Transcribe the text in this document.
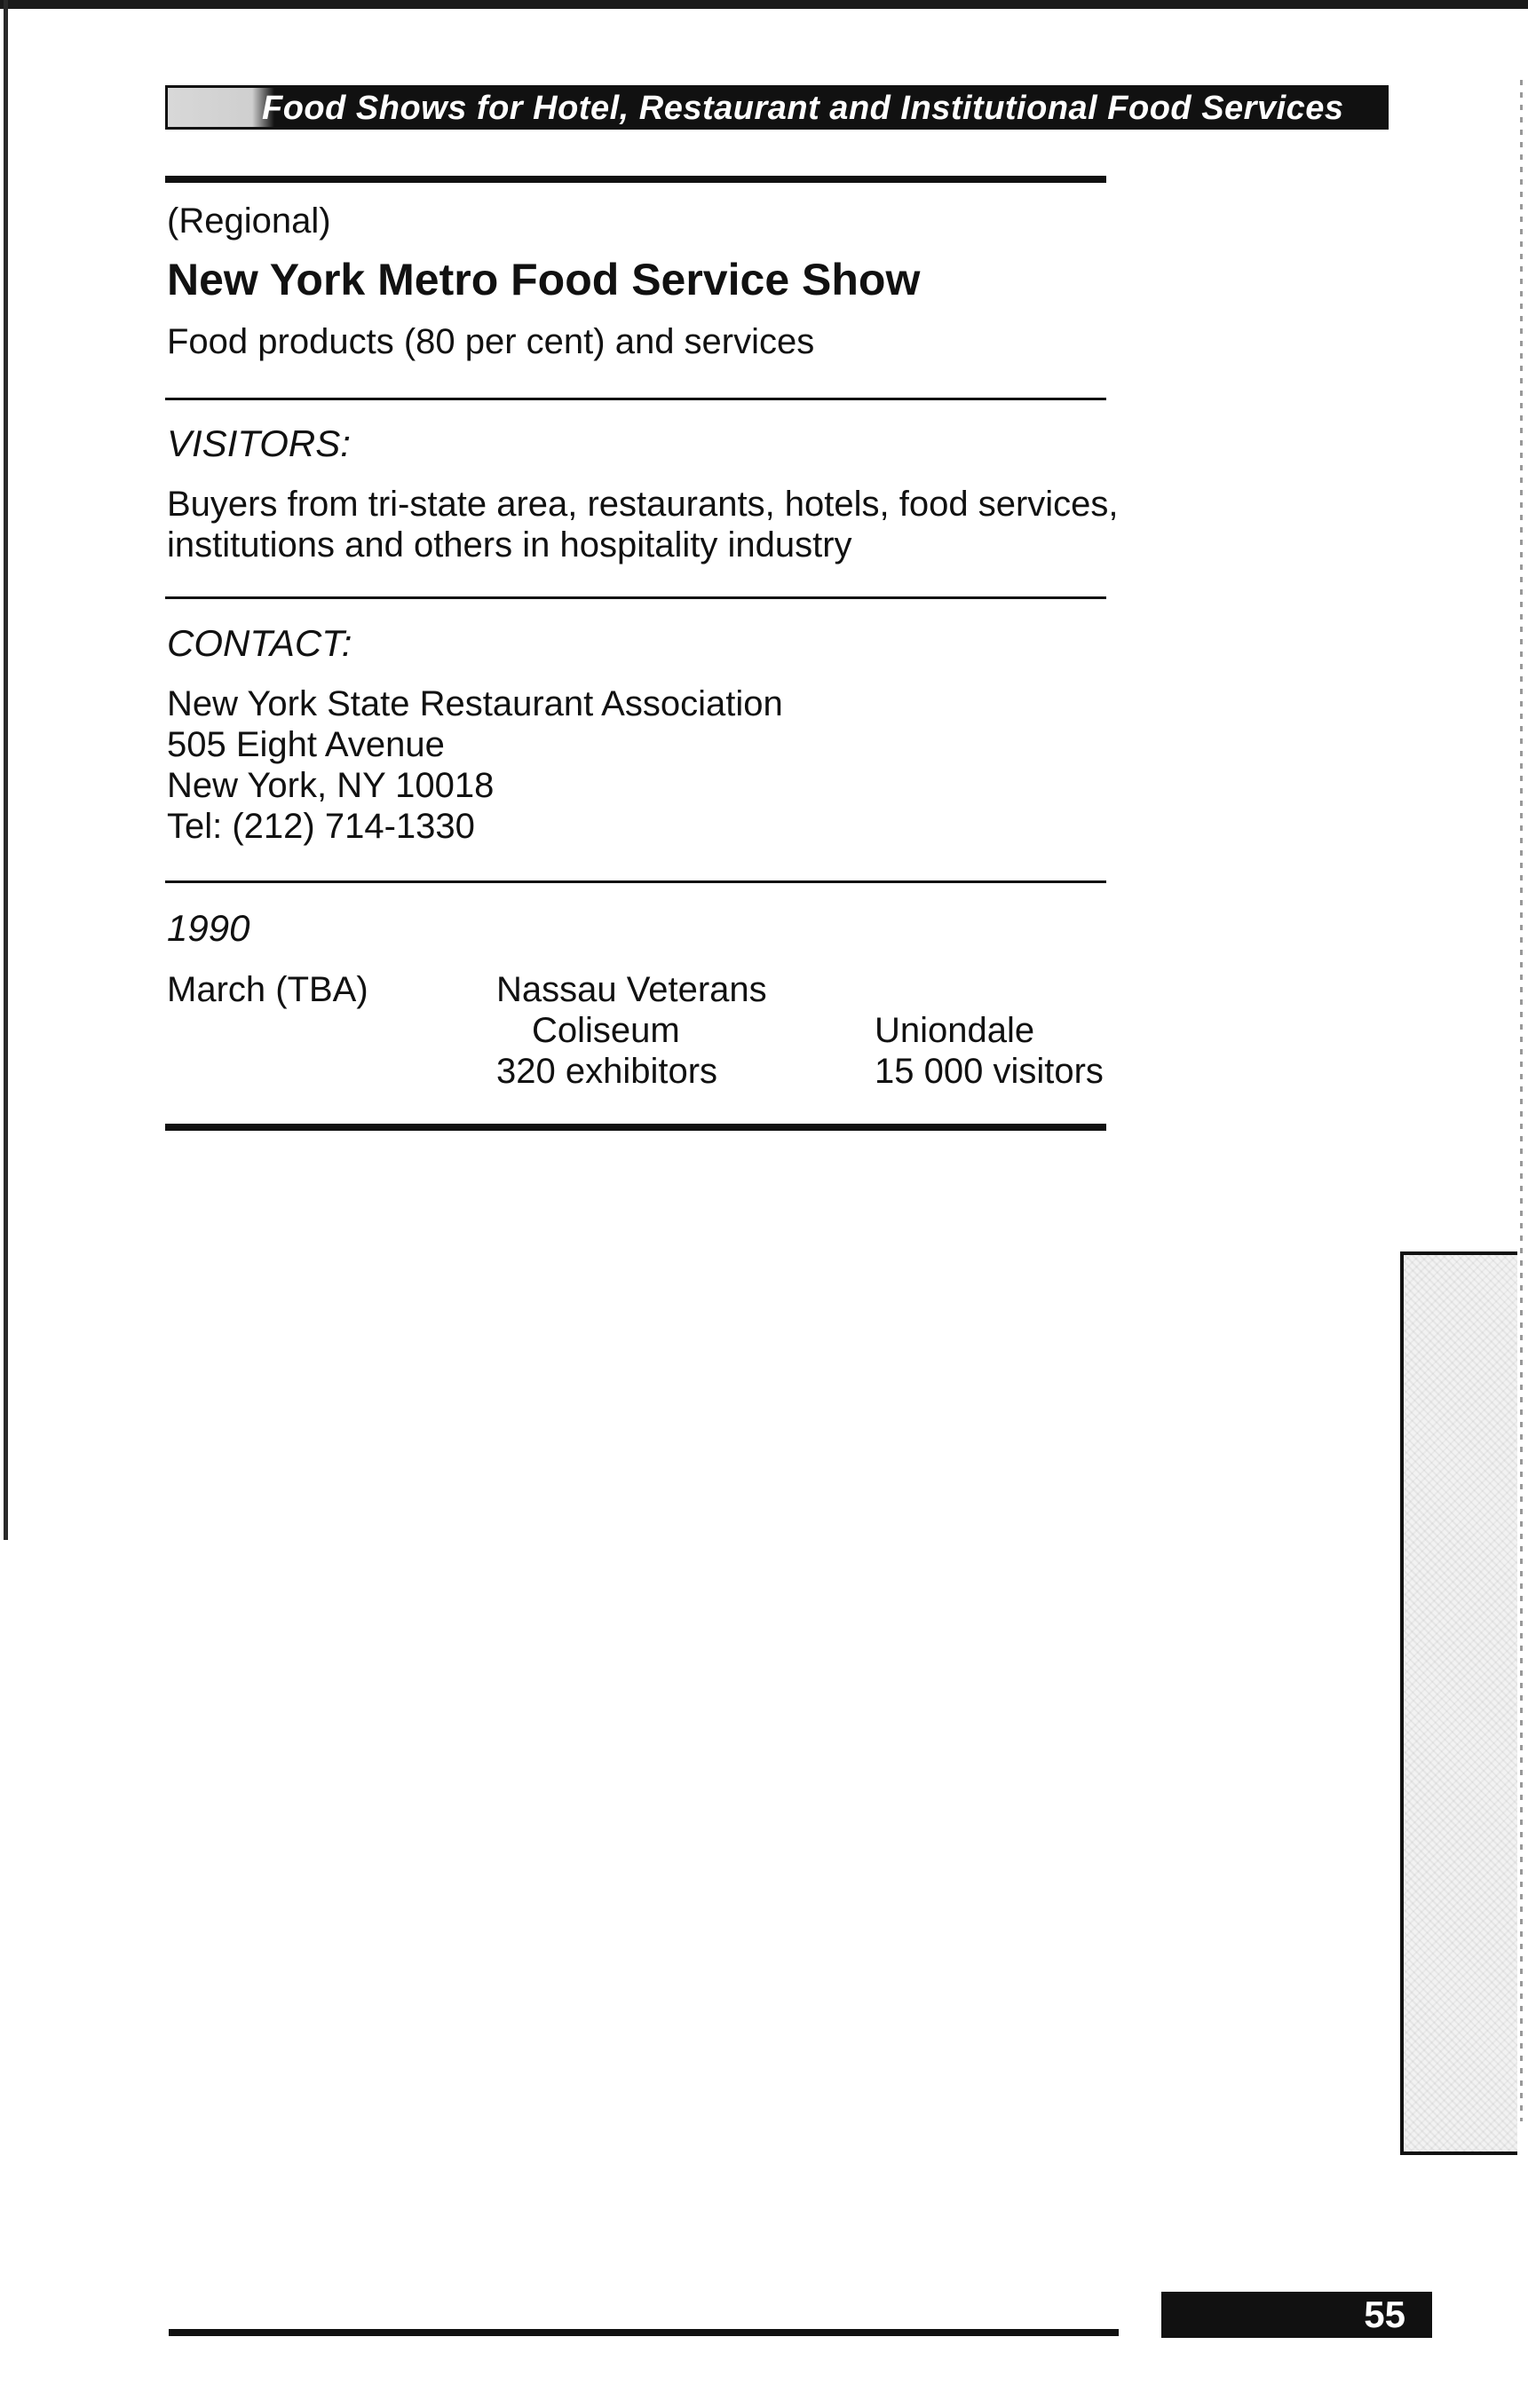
Food Shows for Hotel, Restaurant and Institutional Food Services
(Regional)
New York Metro Food Service Show
Food products (80 per cent) and services
VISITORS:
Buyers from tri-state area, restaurants, hotels, food services,
institutions and others in hospitality industry
CONTACT:
New York State Restaurant Association
505 Eight Avenue
New York, NY 10018
Tel: (212) 714-1330
1990
March (TBA)	Nassau Veterans
Coliseum
320 exhibitors
Uniondale
15 000 visitors
55
